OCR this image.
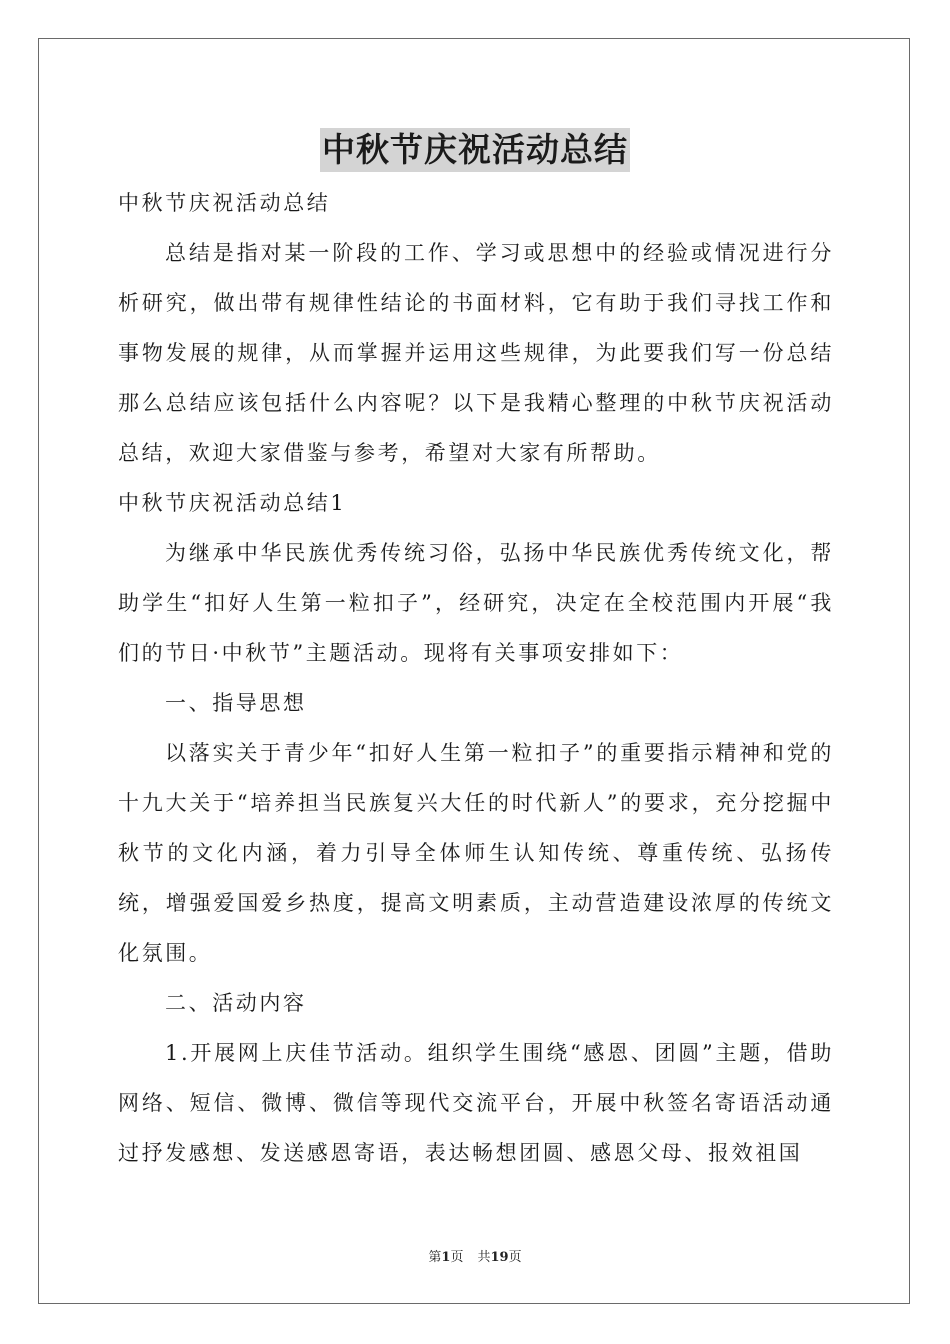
中秋节庆祝活动总结

中秋节庆祝活动总结

总结是指对某一阶段的工作、学习或思想中的经验或情况进行分析研究，做出带有规律性结论的书面材料，它有助于我们寻找工作和事物发展的规律，从而掌握并运用这些规律，为此要我们写一份总结那么总结应该包括什么内容呢？以下是我精心整理的中秋节庆祝活动总结，欢迎大家借鉴与参考，希望对大家有所帮助。

中秋节庆祝活动总结1

为继承中华民族优秀传统习俗，弘扬中华民族优秀传统文化，帮助学生“扣好人生第一粒扣子”，经研究，决定在全校范围内开展“我们的节日·中秋节”主题活动。现将有关事项安排如下：

一、指导思想

以落实关于青少年“扣好人生第一粒扣子”的重要指示精神和党的十九大关于“培养担当民族复兴大任的时代新人”的要求，充分挖掘中秋节的文化内涵，着力引导全体师生认知传统、尊重传统、弘扬传统，增强爱国爱乡热度，提高文明素质，主动营造建设浓厚的传统文化氛围。

二、活动内容

1.开展网上庆佳节活动。组织学生围绕“感恩、团圆”主题，借助网络、短信、微博、微信等现代交流平台，开展中秋签名寄语活动通过抒发感想、发送感恩寄语，表达畅想团圆、感恩父母、报效祖国

第1页 共19页
